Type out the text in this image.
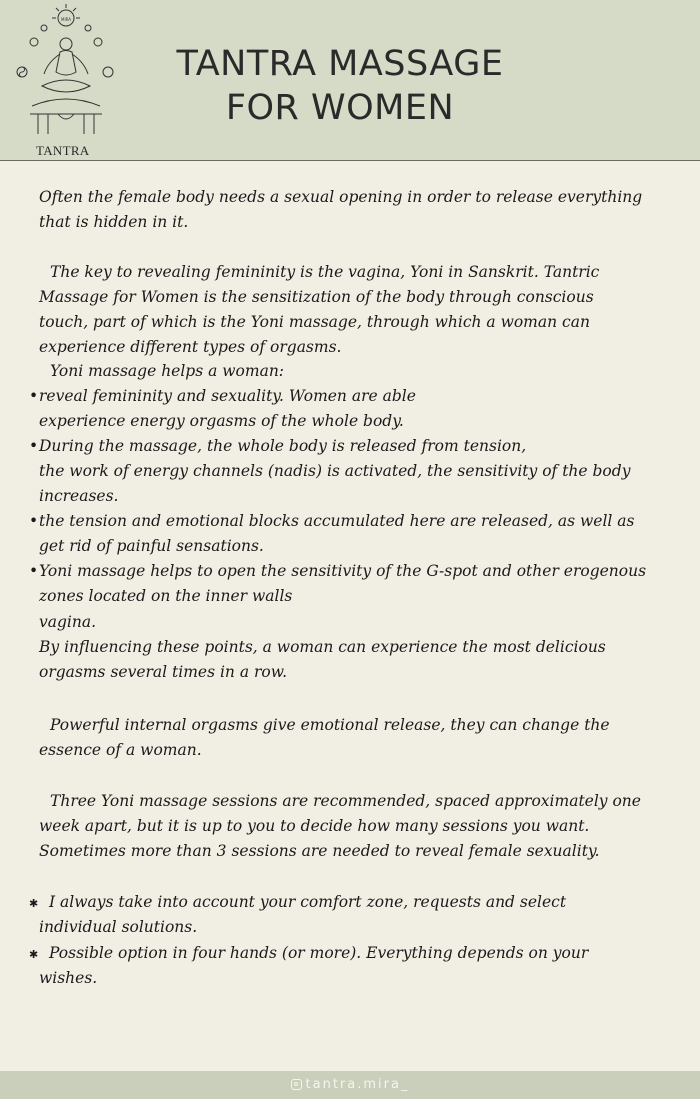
MIRA
TANTRA
TANTRA MASSAGE
FOR WOMEN
Often the female body needs a sexual opening in order to release everything
that is hidden in it.
The key to revealing femininity is the vagina, Yoni in Sanskrit. Tantric
Massage for Women is the sensitization of the body through conscious
touch, part of which is the Yoni massage, through which a woman can
experience different types of orgasms.
Yoni massage helps a woman:
•reveal femininity and sexuality. Women are able
experience energy orgasms of the whole body.
•During the massage, the whole body is released from tension,
the work of energy channels (nadis) is activated, the sensitivity of the body
increases.
•the tension and emotional blocks accumulated here are released, as well as
get rid of painful sensations.
•Yoni massage helps to open the sensitivity of the G-spot and other erogenous
zones located on the inner walls
vagina.
By influencing these points, a woman can experience the most delicious
orgasms several times in a row.
Powerful internal orgasms give emotional release, they can change the
essence of a woman.
Three Yoni massage sessions are recommended, spaced approximately one
week apart, but it is up to you to decide how many sessions you want.
Sometimes more than 3 sessions are needed to reveal female sexuality.
✱ I always take into account your comfort zone, requests and select
individual solutions.
✱ Possible option in four hands (or more). Everything depends on your
wishes.
tantra.mira_
